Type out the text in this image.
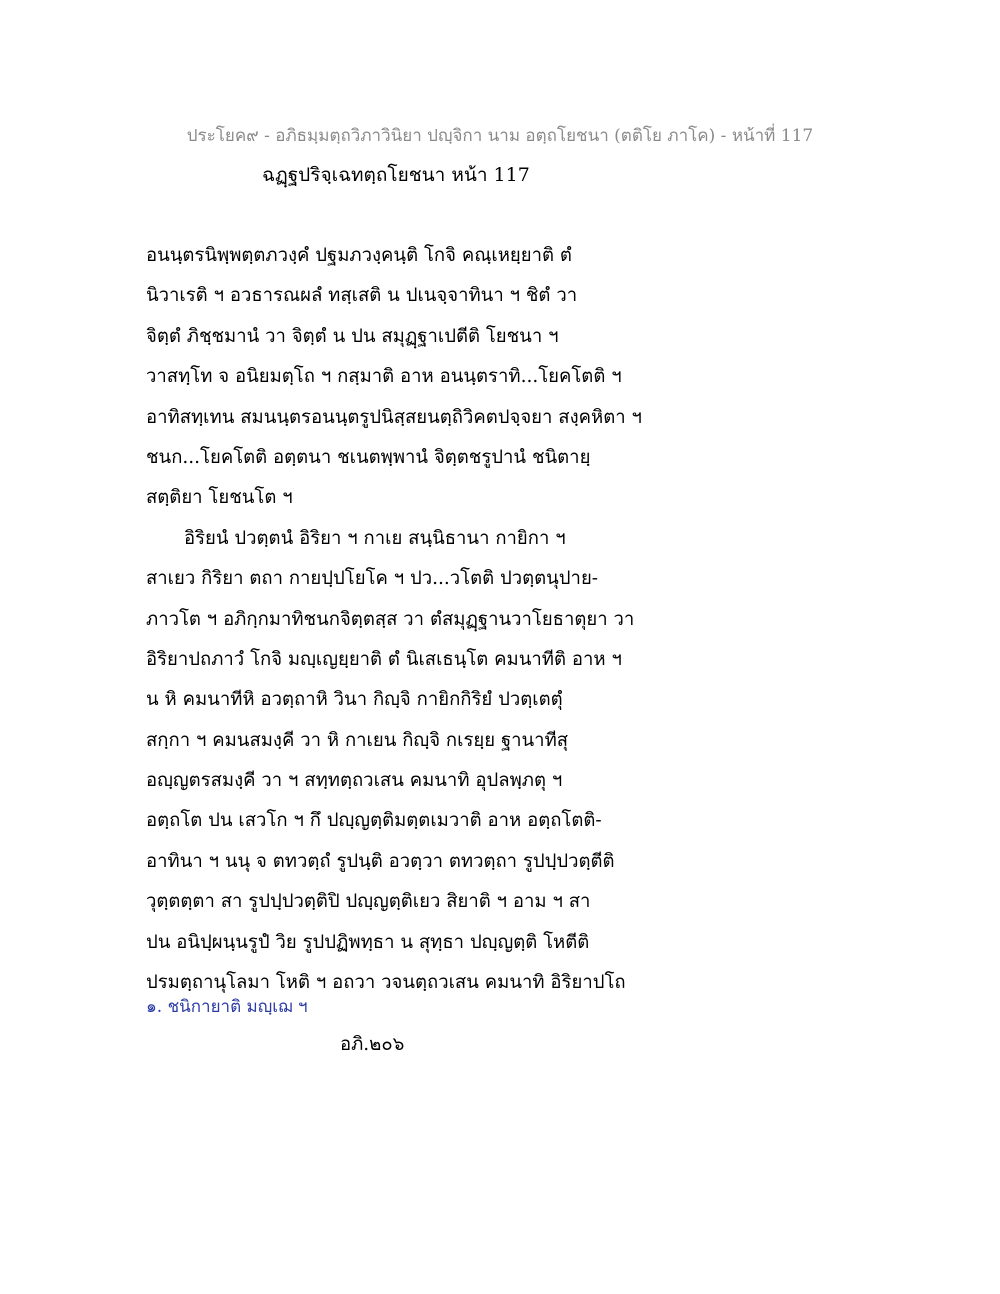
ประโยค๙ - อภิธมฺมตฺถวิภาวินิยา ปญฺจิกา นาม อตฺถโยชนา (ตติโย ภาโค) - หน้าที่ 117
ฉฏฺฐปริจฺเฉทตฺถโยชนา หน้า 117
อนนฺตรนิพฺพตฺตภวงฺคํ ปฐมภวงฺคนฺติ โกจิ คณฺเหยฺยาติ ตํ
นิวาเรติ ฯ อวธารณผลํ ทสฺเสติ น ปเนจฺจาทินา ฯ ชิตํ วา
จิตฺตํ ภิชฺชมานํ วา จิตฺตํ น ปน สมุฏฺฐาเปตีติ โยชนา ฯ
วาสทฺโท จ อนิยมตฺโถ ฯ กสฺมาติ อาห อนนฺตราทิ...โยคโตติ ฯ
อาทิสทฺเทน สมนนฺตรอนนฺตรูปนิสฺสยนตฺถิวิคตปจฺจยา สงฺคหิตา ฯ
ชนก...โยคโตติ อตฺตนา ชเนตพฺพานํ จิตฺตชรูปานํ ชนิตายฺ
สตฺติยา โยชนโต ฯ
อิริยนํ ปวตฺตนํ อิริยา ฯ กาเย สนฺนิธานา กายิกา ฯ
สาเยว กิริยา ตถา กายปฺปโยโค ฯ ปว...วโตติ ปวตฺตนุปาย-
ภาวโต ฯ อภิกฺกมาทิชนกจิตฺตสฺส วา ตํสมุฏฺฐานวาโยธาตุยา วา
อิริยาปถภาวํ โกจิ มญฺเญยฺยาติ ตํ นิเสเธนฺโต คมนาทีติ อาห ฯ
น หิ คมนาทีหิ อวตฺถาหิ วินา กิญฺจิ กายิกกิริยํ ปวตฺเตตุํ
สกฺกา ฯ คมนสมงฺคี วา หิ กาเยน กิญฺจิ กเรยฺย ฐานาทีสุ
อญฺญตรสมงฺคี วา ฯ สทฺทตฺถวเสน คมนาทิ อุปลพฺภตุ ฯ
อตฺถโต ปน เสวโก ฯ กึ ปญฺญตฺติมตฺตเมวาติ อาห อตฺถโตติ-
อาทินา ฯ นนุ จ ตทวตฺถํ รูปนฺติ อวตฺวา ตทวตฺถา รูปปฺปวตฺตีติ
วุตฺตตฺตา สา รูปปฺปวตฺติปิ ปญฺญตฺติเยว สิยาติ ฯ อาม ฯ สา
ปน อนิปฺผนฺนรูปํ วิย รูปปฏิพทฺธา น สุทฺธา ปญฺญตฺติ โหตีติ
ปรมตฺถานุโลมา โหติ ฯ อถวา วจนตฺถวเสน คมนาทิ อิริยาปโถ
๑. ชนิกายาติ มญฺเฌ ฯ
อภิ.๒๐๖
